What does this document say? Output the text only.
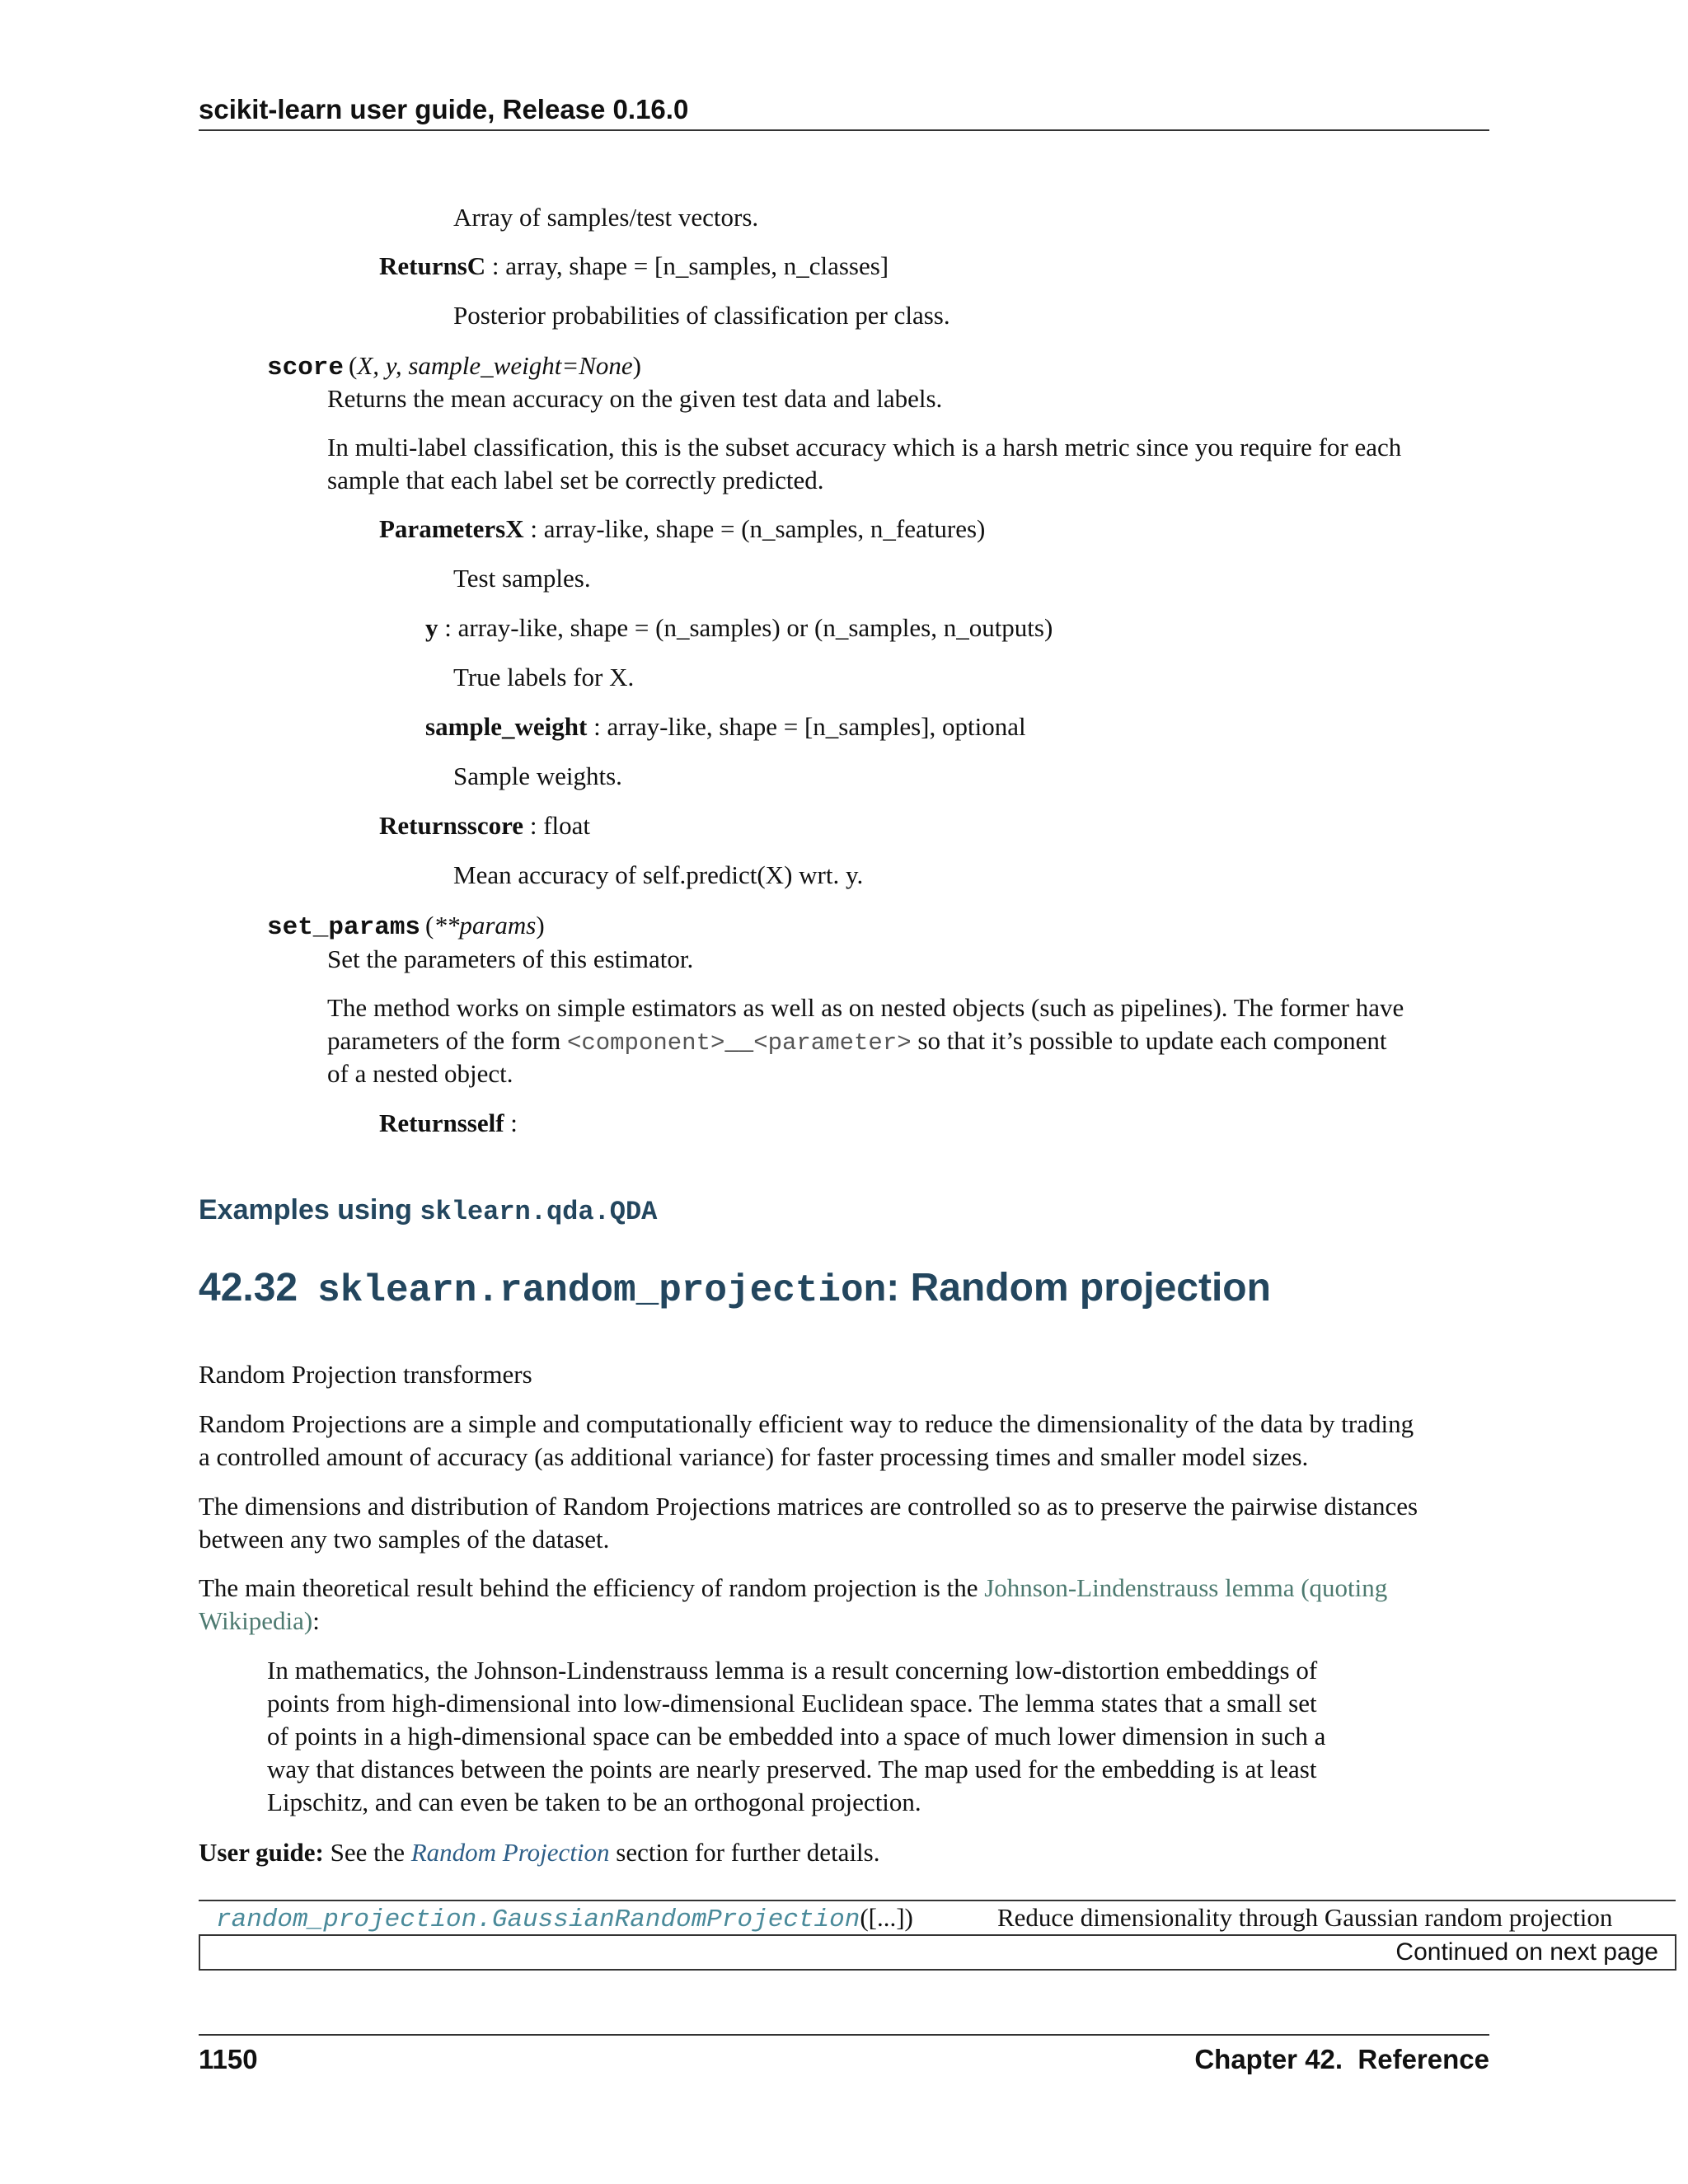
scikit-learn user guide, Release 0.16.0
Array of samples/test vectors.
ReturnsC : array, shape = [n_samples, n_classes]
Posterior probabilities of classification per class.
score (X, y, sample_weight=None)
Returns the mean accuracy on the given test data and labels.
In multi-label classification, this is the subset accuracy which is a harsh metric since you require for each
sample that each label set be correctly predicted.
ParametersX : array-like, shape = (n_samples, n_features)
Test samples.
y : array-like, shape = (n_samples) or (n_samples, n_outputs)
True labels for X.
sample_weight : array-like, shape = [n_samples], optional
Sample weights.
Returnsscore : float
Mean accuracy of self.predict(X) wrt. y.
set_params (**params)
Set the parameters of this estimator.
The method works on simple estimators as well as on nested objects (such as pipelines). The former have
parameters of the form <component>__<parameter> so that it’s possible to update each component
of a nested object.
Returnsself :
Examples using sklearn.qda.QDA
42.32 sklearn.random_projection: Random projection
Random Projection transformers
Random Projections are a simple and computationally efficient way to reduce the dimensionality of the data by trading
a controlled amount of accuracy (as additional variance) for faster processing times and smaller model sizes.
The dimensions and distribution of Random Projections matrices are controlled so as to preserve the pairwise distances
between any two samples of the dataset.
The main theoretical result behind the efficiency of random projection is the Johnson-Lindenstrauss lemma (quoting
Wikipedia):
In mathematics, the Johnson-Lindenstrauss lemma is a result concerning low-distortion embeddings of
points from high-dimensional into low-dimensional Euclidean space. The lemma states that a small set
of points in a high-dimensional space can be embedded into a space of much lower dimension in such a
way that distances between the points are nearly preserved. The map used for the embedding is at least
Lipschitz, and can even be taken to be an orthogonal projection.
User guide: See the Random Projection section for further details.
random_projection.GaussianRandomProjection([...])	Reduce dimensionality through Gaussian random projection
Continued on next page
1150	Chapter 42.  Reference
